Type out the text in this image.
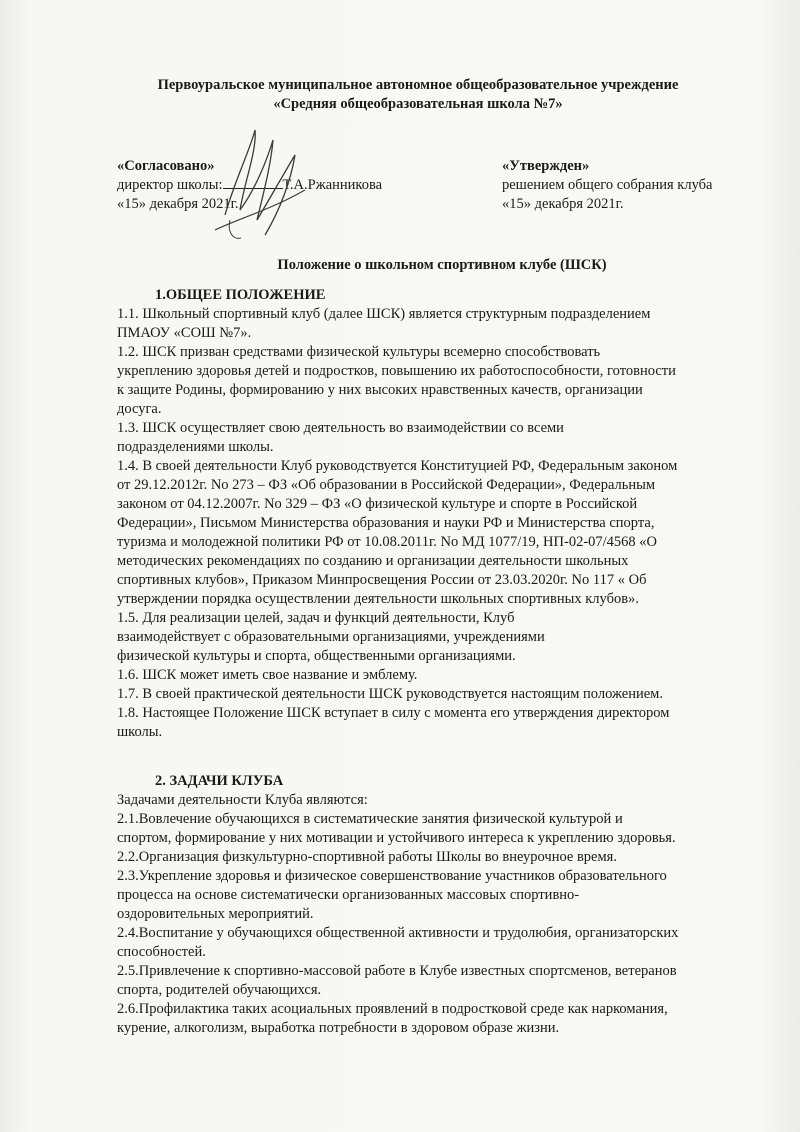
Первоуральское муниципальное автономное общеобразовательное учреждение
«Средняя общеобразовательная школа №7»
«Согласовано»
директор школы:	Т.А.Ржанникова
«15» декабря 2021г.
«Утвержден»
решением общего собрания клуба
«15» декабря 2021г.
Положение о школьном спортивном клубе (ШСК)
1.ОБЩЕЕ ПОЛОЖЕНИЕ
1.1. Школьный спортивный клуб (далее ШСК) является структурным подразделением
ПМАОУ «СОШ №7».
1.2. ШСК призван средствами физической культуры всемерно способствовать
укреплению здоровья детей и подростков, повышению их работоспособности, готовности
к защите Родины, формированию у них высоких нравственных качеств, организации
досуга.
1.3. ШСК осуществляет свою деятельность во взаимодействии со всеми
подразделениями школы.
1.4. В своей деятельности Клуб руководствуется Конституцией РФ, Федеральным законом
от 29.12.2012г. No 273 – ФЗ «Об образовании в Российской Федерации», Федеральным
законом от 04.12.2007г. No 329 – ФЗ «О физической культуре и спорте в Российской
Федерации», Письмом Министерства образования и науки РФ и Министерства спорта,
туризма и молодежной политики РФ от 10.08.2011г. No МД 1077/19, НП-02-07/4568 «О
методических рекомендациях по созданию и организации деятельности школьных
спортивных клубов», Приказом Минпросвещения России от 23.03.2020г. No 117 « Об
утверждении порядка осуществлении деятельности школьных спортивных клубов».
1.5. Для реализации целей, задач и функций деятельности, Клуб
взаимодействует с образовательными организациями, учреждениями
физической культуры и спорта, общественными организациями.
1.6. ШСК может иметь свое название и эмблему.
1.7. В своей практической деятельности ШСК руководствуется настоящим положением.
1.8. Настоящее Положение ШСК вступает в силу с момента его утверждения директором
школы.
2. ЗАДАЧИ КЛУБА
Задачами деятельности Клуба являются:
2.1.Вовлечение обучающихся в систематические занятия физической культурой и
спортом, формирование у них мотивации и устойчивого интереса к укреплению здоровья.
2.2.Организация физкультурно-спортивной работы Школы во внеурочное время.
2.3.Укрепление здоровья и физическое совершенствование участников образовательного
процесса на основе систематически организованных массовых спортивно-
оздоровительных мероприятий.
2.4.Воспитание у обучающихся общественной активности и трудолюбия, организаторских
способностей.
2.5.Привлечение к спортивно-массовой работе в Клубе известных спортсменов, ветеранов
спорта, родителей обучающихся.
2.6.Профилактика таких асоциальных проявлений в подростковой среде как наркомания,
курение, алкоголизм, выработка потребности в здоровом образе жизни.
